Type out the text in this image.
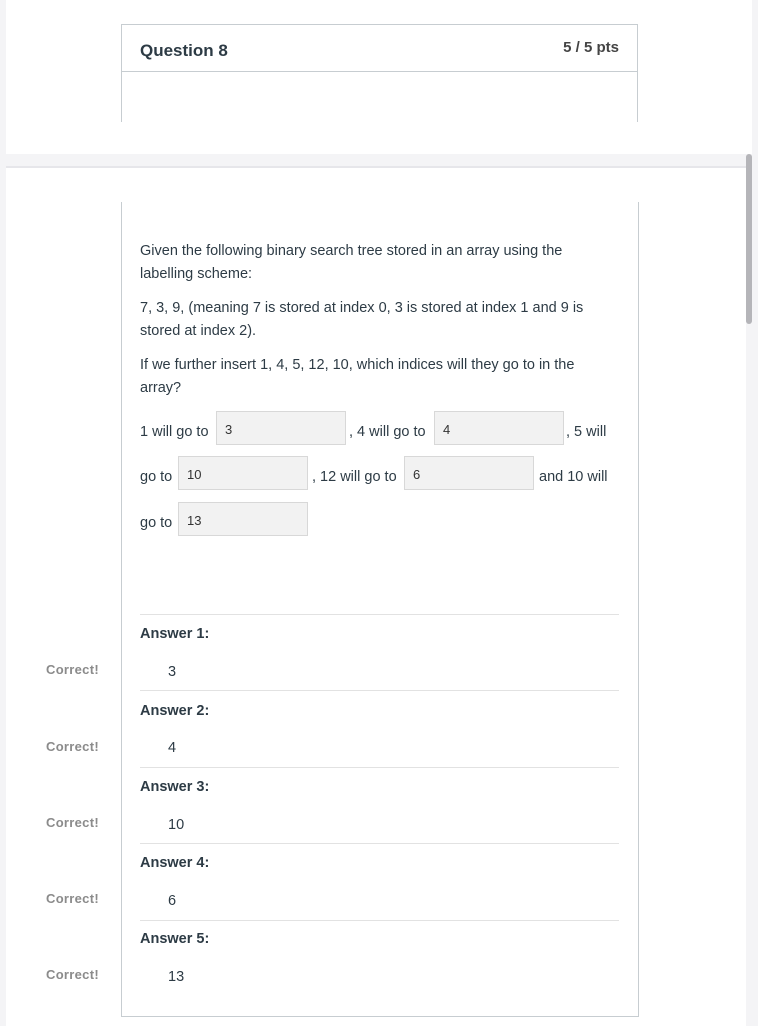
Question 8	5 / 5 pts
Given the following binary search tree stored in an array using the labelling scheme:
7, 3, 9, (meaning 7 is stored at index 0, 3 is stored at index 1 and 9 is stored at index 2).
If we further insert 1, 4, 5, 12, 10, which indices will they go to in the array?
1 will go to	3	, 4 will go to	4	, 5 will
go to	10	, 12 will go to	6	and 10 will
go to	13
Answer 1:
Correct!	3
Answer 2:
Correct!	4
Answer 3:
Correct!	10
Answer 4:
Correct!	6
Answer 5:
Correct!	13
